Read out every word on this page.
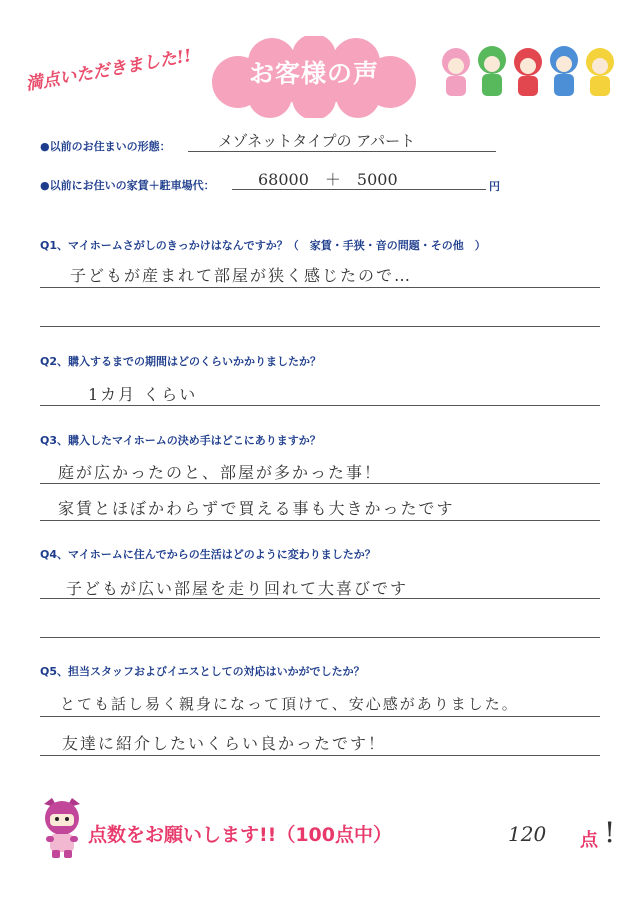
満点いただきました!!	お客様の声
●以前のお住まいの形態：	メゾネットタイプの アパート
●以前にお住いの家賃＋駐車場代：	68000　＋　5000	円
Q1、マイホームさがしのきっかけはなんですか？（　家賃・手狭・音の問題・その他　）
子どもが産まれて部屋が狭く感じたので…
Q2、購入するまでの期間はどのくらいかかりましたか？
1カ月 くらい
Q3、購入したマイホームの決め手はどこにありますか？
庭が広かったのと、部屋が多かった事！
家賃とほぼかわらずで買える事も大きかったです
Q4、マイホームに住んでからの生活はどのように変わりましたか？
子どもが広い部屋を走り回れて大喜びです
Q5、担当スタッフおよびイエスとしての対応はいかがでしたか？
とても話し易く親身になって頂けて、安心感がありました。
友達に紹介したいくらい良かったです！
点数をお願いします!!（100点中）	120 点 !
